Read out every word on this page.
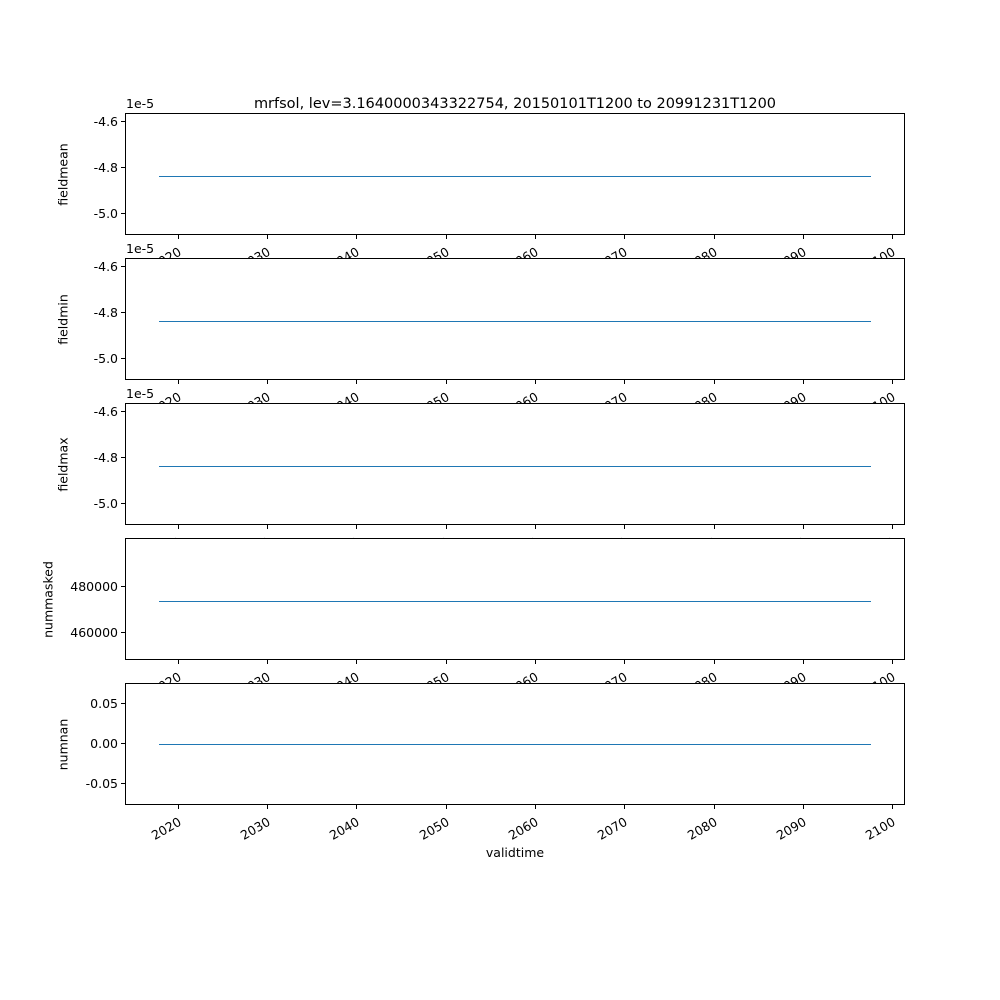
mrfsol, lev=3.1640000343322754, 20150101T1200 to 20991231T1200
1e-5
fieldmean
-4.6
-4.8
-5.0
1e-5
fieldmin
-4.6
-4.8
-5.0
1e-5
fieldmax
-4.6
-4.8
-5.0
nummasked	480000
460000
numnan
0.05
0.00
-0.05
2020	2030	2040	2050	2060	2070	2080	2090	2100
validtime
